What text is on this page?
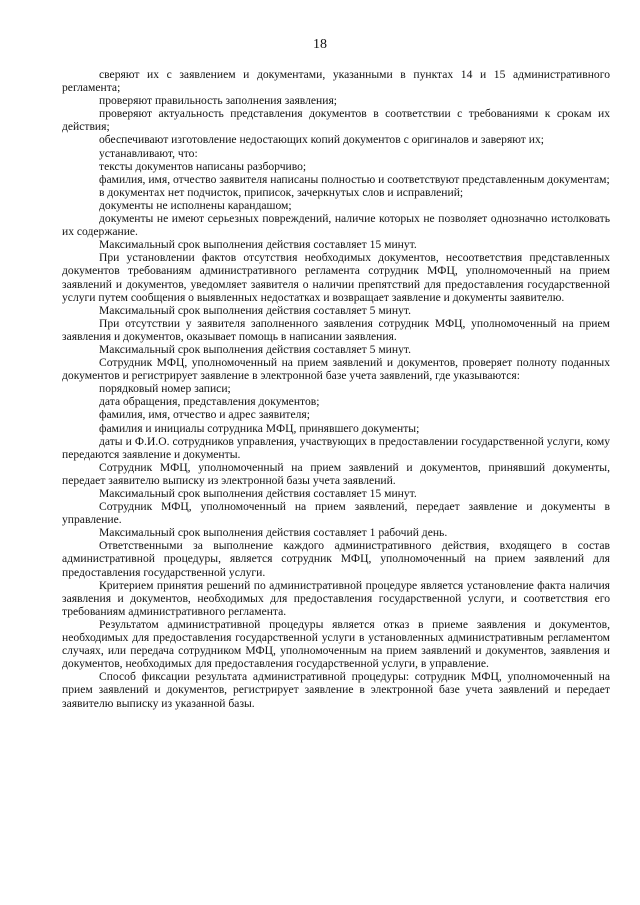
18

сверяют их с заявлением и документами, указанными в пунктах 14 и 15 административного регламента;

проверяют правильность заполнения заявления;

проверяют актуальность представления документов в соответствии с требованиями к срокам их действия;

обеспечивают изготовление недостающих копий документов с оригиналов и заверяют их;

устанавливают, что:

тексты документов написаны разборчиво;

фамилия, имя, отчество заявителя написаны полностью и соответствуют представленным документам;

в документах нет подчисток, приписок, зачеркнутых слов и исправлений;

документы не исполнены карандашом;

документы не имеют серьезных повреждений, наличие которых не позволяет однозначно истолковать их содержание.

Максимальный срок выполнения действия составляет 15 минут.

При установлении фактов отсутствия необходимых документов, несоответствия представленных документов требованиям административного регламента сотрудник МФЦ, уполномоченный на прием заявлений и документов, уведомляет заявителя о наличии препятствий для предоставления государственной услуги путем сообщения о выявленных недостатках и возвращает заявление и документы заявителю.

Максимальный срок выполнения действия составляет 5 минут.

При отсутствии у заявителя заполненного заявления сотрудник МФЦ, уполномоченный на прием заявления и документов, оказывает помощь в написании заявления.

Максимальный срок выполнения действия составляет 5 минут.

Сотрудник МФЦ, уполномоченный на прием заявлений и документов, проверяет полноту поданных документов и регистрирует заявление в электронной базе учета заявлений, где указываются:

порядковый номер записи;

дата обращения, представления документов;

фамилия, имя, отчество и адрес заявителя;

фамилия и инициалы сотрудника МФЦ, принявшего документы;

даты и Ф.И.О. сотрудников управления, участвующих в предоставлении государственной услуги, кому передаются заявление и документы.

Сотрудник МФЦ, уполномоченный на прием заявлений и документов, принявший документы, передает заявителю выписку из электронной базы учета заявлений.

Максимальный срок выполнения действия составляет 15 минут.

Сотрудник МФЦ, уполномоченный на прием заявлений, передает заявление и документы в управление.

Максимальный срок выполнения действия составляет 1 рабочий день.

Ответственными за выполнение каждого административного действия, входящего в состав административной процедуры, является сотрудник МФЦ, уполномоченный на прием заявлений для предоставления государственной услуги.

Критерием принятия решений по административной процедуре является установление факта наличия заявления и документов, необходимых для предоставления государственной услуги, и соответствия его требованиям административного регламента.

Результатом административной процедуры является отказ в приеме заявления и документов, необходимых для предоставления государственной услуги в установленных административным регламентом случаях, или передача сотрудником МФЦ, уполномоченным на прием заявлений и документов, заявления и документов, необходимых для предоставления государственной услуги, в управление.

Способ фиксации результата административной процедуры: сотрудник МФЦ, уполномоченный на прием заявлений и документов, регистрирует заявление в электронной базе учета заявлений и передает заявителю выписку из указанной базы.
